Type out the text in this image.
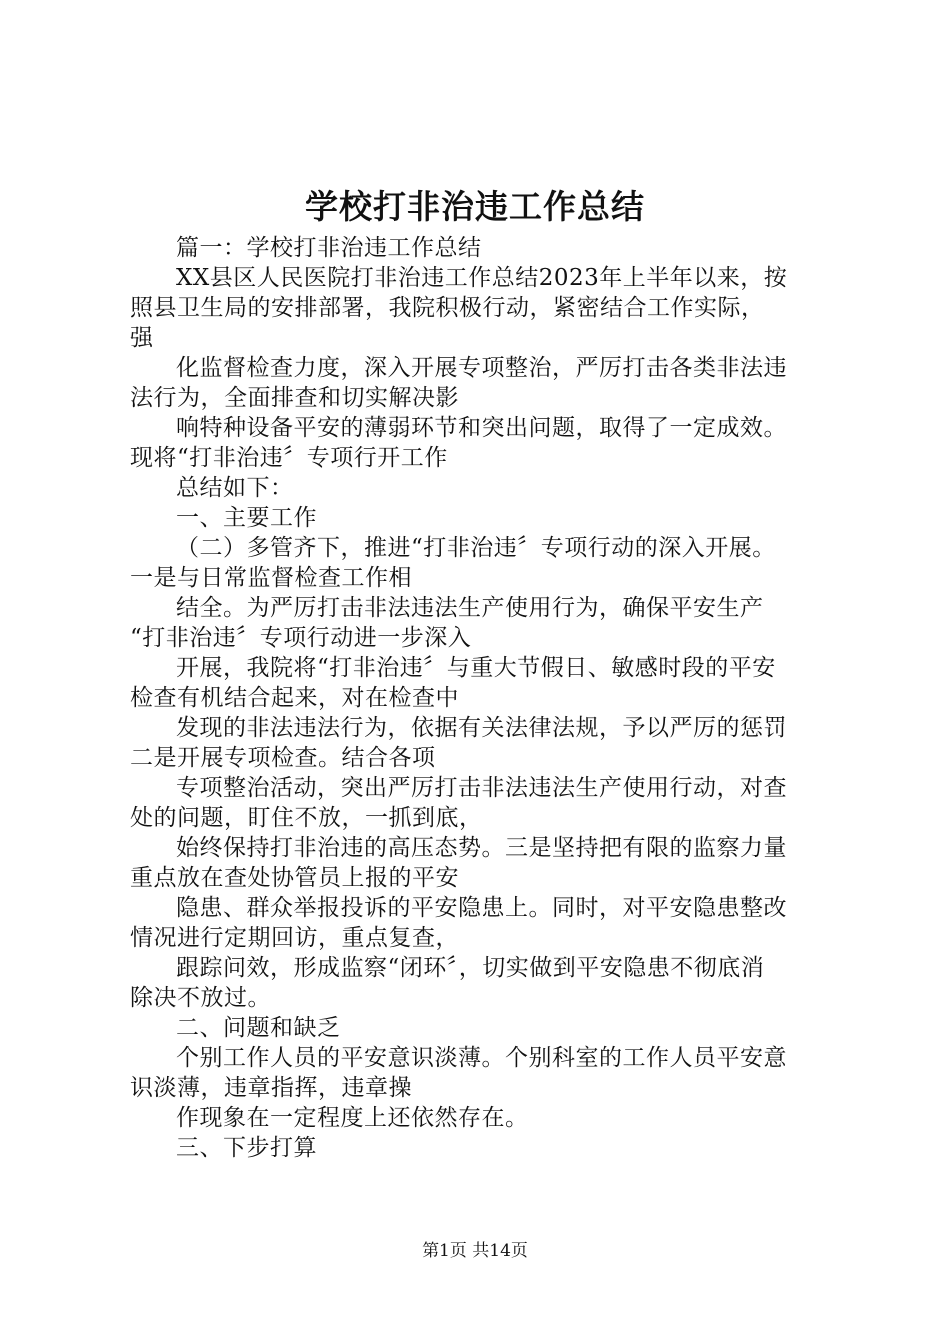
学校打非治违工作总结
篇一：学校打非治违工作总结
XX县区人民医院打非治违工作总结2023年上半年以来，按
照县卫生局的安排部署，我院积极行动，紧密结合工作实际，
强
化监督检查力度，深入开展专项整治，严厉打击各类非法违
法行为，全面排查和切实解决影
响特种设备平安的薄弱环节和突出问题，取得了一定成效。
现将“打非治违〞专项行开工作
总结如下：
一、主要工作
（二）多管齐下，推进“打非治违〞专项行动的深入开展。
一是与日常监督检查工作相
结全。为严厉打击非法违法生产使用行为，确保平安生产
“打非治违〞专项行动进一步深入
开展，我院将“打非治违〞与重大节假日、敏感时段的平安
检查有机结合起来，对在检查中
发现的非法违法行为，依据有关法律法规，予以严厉的惩罚
二是开展专项检查。结合各项
专项整治活动，突出严厉打击非法违法生产使用行动，对查
处的问题，盯住不放，一抓到底，
始终保持打非治违的高压态势。三是坚持把有限的监察力量
重点放在查处协管员上报的平安
隐患、群众举报投诉的平安隐患上。同时，对平安隐患整改
情况进行定期回访，重点复查，
跟踪问效，形成监察“闭环〞，切实做到平安隐患不彻底消
除决不放过。
二、问题和缺乏
个别工作人员的平安意识淡薄。个别科室的工作人员平安意
识淡薄，违章指挥，违章操
作现象在一定程度上还依然存在。
三、下步打算
第1页 共14页
